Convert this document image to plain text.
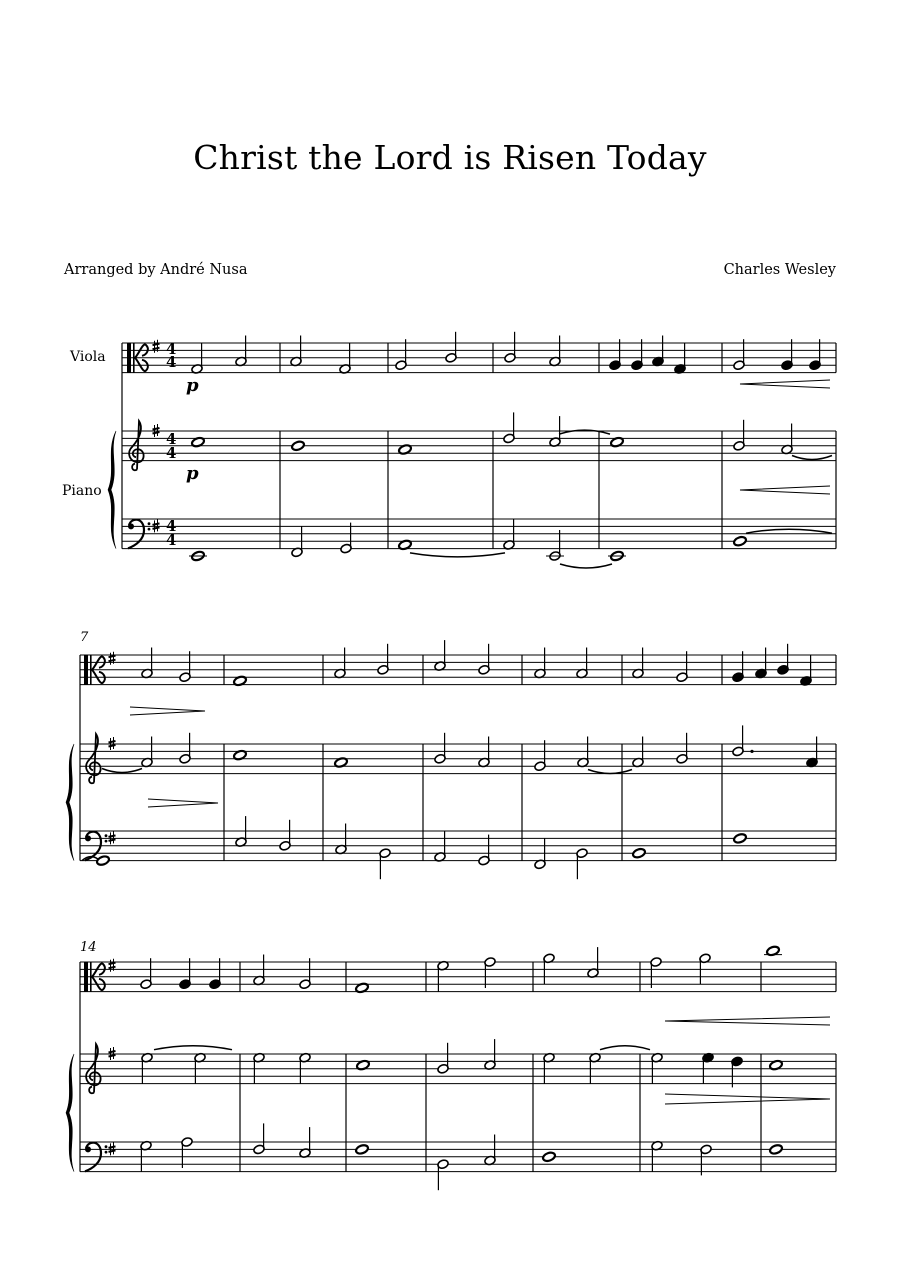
Christ the Lord is Risen Today
Arranged by André Nusa	Charles Wesley
Viola
Piano
7
14
p
p
4
4
4
4
4
4
